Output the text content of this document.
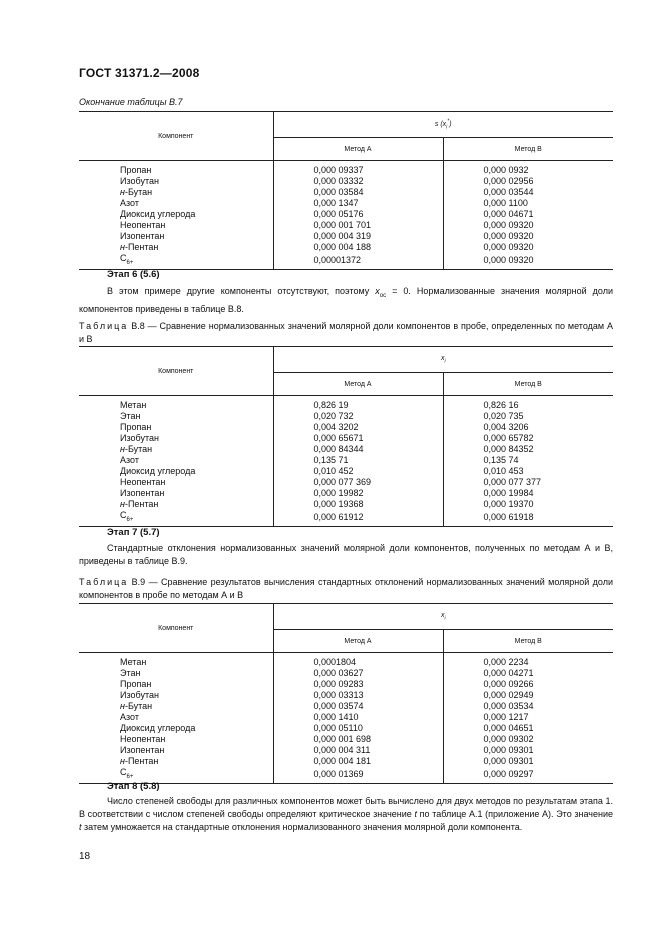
ГОСТ 31371.2—2008
Окончание таблицы В.7
Компонент	s $(x_i^*)$	
	Метод А	Метод В
Пропан	0,000 09337	0,000 0932
Изобутан	0,000 03332	0,000 02956
н-Бутан	0,000 03584	0,000 03544
Азот	0,000 1347	0,000 1100
Диоксид углерода	0,000 05176	0,000 04671
Неопентан	0,000 001 701	0,000 09320
Изопентан	0,000 004 319	0,000 09320
н-Пентан	0,000 004 188	0,000 09320
$C_{6+}$	0,00001372	0,000 09320
Этап 6 (5.6)
В этом примере другие компоненты отсутствуют, поэтому $x_{ос} = 0$. Нормализованные значения молярной доли компонентов приведены в таблице В.8.
Таблица В.8 — Сравнение нормализованных значений молярной доли компонентов в пробе, определенных по методам А и В
Компонент	$x_i$
	Метод А	Метод В
Метан	0,826 19	0,826 16
Этан	0,020 732	0,020 735
Пропан	0,004 3202	0,004 3206
Изобутан	0,000 65671	0,000 65782
н-Бутан	0,000 84344	0,000 84352
Азот	0,135 71	0,135 74
Диоксид углерода	0,010 452	0,010 453
Неопентан	0,000 077 369	0,000 077 377
Изопентан	0,000 19982	0,000 19984
н-Пентан	0,000 19368	0,000 19370
$C_{6+}$	0,000 61912	0,000 61918
Этап 7 (5.7)
Стандартные отклонения нормализованных значений молярной доли компонентов, полученных по методам А и В, приведены в таблице В.9.
Таблица В.9 — Сравнение результатов вычисления стандартных отклонений нормализованных значений молярной доли компонентов в пробе по методам А и В
Компонент	$x_i$
	Метод А	Метод В
Метан	0,0001804	0,000 2234
Этан	0,000 03627	0,000 04271
Пропан	0,000 09283	0,000 09266
Изобутан	0,000 03313	0,000 02949
н-Бутан	0,000 03574	0,000 03534
Азот	0,000 1410	0,000 1217
Диоксид углерода	0,000 05110	0,000 04651
Неопентан	0,000 001 698	0,000 09302
Изопентан	0,000 004 311	0,000 09301
н-Пентан	0,000 004 181	0,000 09301
$C_{6+}$	0,000 01369	0,000 09297
Этап 8 (5.8)
Число степеней свободы для различных компонентов может быть вычислено для двух методов по результатам этапа 1. В соответствии с числом степеней свободы определяют критическое значение t по таблице А.1 (приложение А). Это значение t затем умножается на стандартные отклонения нормализованного значения молярной доли компонента.
18
